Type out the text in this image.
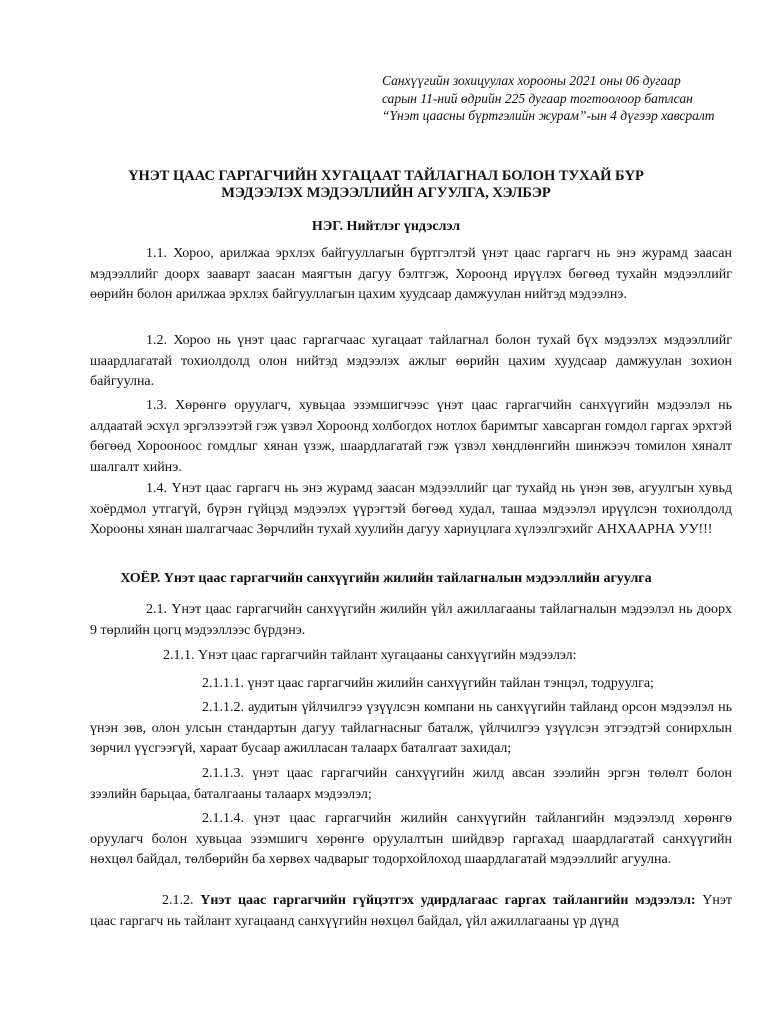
Санхүүгийн зохицуулах хорооны 2021 оны 06 дугаар
сарын 11-ний өдрийн 225 дугаар тогтоолоор батлсан
“Үнэт цаасны бүртгэлийн журам”-ын 4 дүгээр хавсралт
ҮНЭТ ЦААС ГАРГАГЧИЙН ХУГАЦААТ ТАЙЛАГНАЛ БОЛОН ТУХАЙ БҮР
МЭДЭЭЛЭХ МЭДЭЭЛЛИЙН АГУУЛГА, ХЭЛБЭР
НЭГ. Нийтлэг үндэслэл

1.1. Хороо, арилжаа эрхлэх байгууллагын бүртгэлтэй үнэт цаас гаргагч нь энэ журамд заасан мэдээллийг доорх зааварт заасан маягтын дагуу бэлтгэж, Хороонд ирүүлэх бөгөөд тухайн мэдээллийг өөрийн болон арилжаа эрхлэх байгууллагын цахим хуудсаар дамжуулан нийтэд мэдээлнэ.

1.2. Хороо нь үнэт цаас гаргагчаас хугацаат тайлагнал болон тухай бүх мэдээлэх мэдээллийг шаардлагатай тохиолдолд олон нийтэд мэдээлэх ажлыг өөрийн цахим хуудсаар дамжуулан зохион байгуулна.

1.3. Хөрөнгө оруулагч, хувьцаа эзэмшигчээс үнэт цаас гаргагчийн санхүүгийн мэдээлэл нь алдаатай эсхүл эргэлзээтэй гэж үзвэл Хороонд холбогдох нотлох баримтыг хавсарган гомдол гаргах эрхтэй бөгөөд Хорооноос гомдлыг хянан үзэж, шаардлагатай гэж үзвэл хөндлөнгийн шинжээч томилон хяналт шалгалт хийнэ.

1.4. Үнэт цаас гаргагч нь энэ журамд заасан мэдээллийг цаг тухайд нь үнэн зөв, агуулгын хувьд хоёрдмол утгагүй, бүрэн гүйцэд мэдээлэх үүрэгтэй бөгөөд худал, ташаа мэдээлэл ирүүлсэн тохиолдолд Хорооны хянан шалгагчаас Зөрчлийн тухай хуулийн дагуу хариуцлага хүлээлгэхийг АНХААРНА УУ!!!

ХОЁР. Үнэт цаас гаргагчийн санхүүгийн жилийн тайлагналын мэдээллийн агуулга

2.1. Үнэт цаас гаргагчийн санхүүгийн жилийн үйл ажиллагааны тайлагналын мэдээлэл нь доорх 9 төрлийн цогц мэдээллээс бүрдэнэ.

2.1.1. Үнэт цаас гаргагчийн тайлант хугацааны санхүүгийн мэдээлэл:
2.1.1.1. үнэт цаас гаргагчийн жилийн санхүүгийн тайлан тэнцэл, тодруулга;

2.1.1.2. аудитын үйлчилгээ үзүүлсэн компани нь санхүүгийн тайланд орсон мэдээлэл нь үнэн зөв, олон улсын стандартын дагуу тайлагнасныг баталж, үйлчилгээ үзүүлсэн этгээдтэй сонирхлын зөрчил үүсгээгүй, хараат бусаар ажилласан талаарх баталгаат захидал;

2.1.1.3. үнэт цаас гаргагчийн санхүүгийн жилд авсан зээлийн эргэн төлөлт болон зээлийн барьцаа, баталгааны талаарх мэдээлэл;

2.1.1.4. үнэт цаас гаргагчийн жилийн санхүүгийн тайлангийн мэдээлэлд хөрөнгө оруулагч болон хувьцаа эзэмшигч хөрөнгө оруулалтын шийдвэр гаргахад шаардлагатай санхүүгийн нөхцөл байдал, төлбөрийн ба хөрвөх чадварыг тодорхойлоход шаардлагатай мэдээллийг агуулна.

2.1.2. Үнэт цаас гаргагчийн гүйцэтгэх удирдлагаас гаргах тайлангийн мэдээлэл: Үнэт цаас гаргагч нь тайлант хугацаанд санхүүгийн нөхцөл байдал, үйл ажиллагааны үр дүнд
